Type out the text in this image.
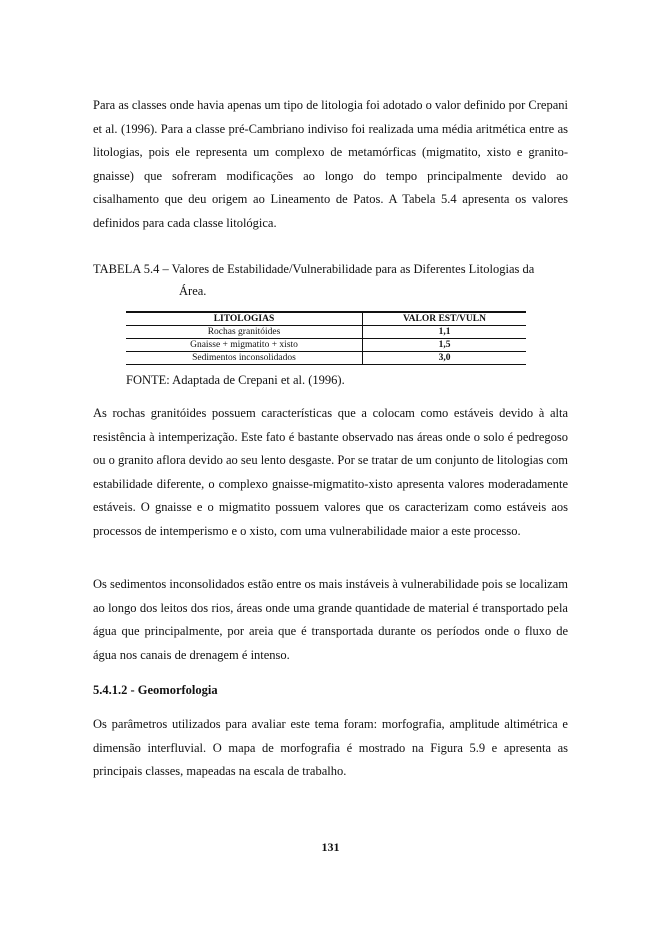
Para as classes onde havia apenas um tipo de litologia foi adotado o valor definido por Crepani et al. (1996). Para a classe pré-Cambriano indiviso foi realizada uma média aritmética entre as litologias, pois ele representa um complexo de metamórficas (migmatito, xisto e granito-gnaisse) que sofreram modificações ao longo do tempo principalmente devido ao cisalhamento que deu origem ao Lineamento de Patos. A Tabela 5.4 apresenta os valores definidos para cada classe litológica.

TABELA 5.4 – Valores de Estabilidade/Vulnerabilidade para as Diferentes Litologias da
Área.

LITOLOGIAS	VALOR EST/VULN
Rochas granitóides	1,1
Gnaisse + migmatito + xisto	1,5
Sedimentos inconsolidados	3,0

FONTE: Adaptada de Crepani et al. (1996).

As rochas granitóides possuem características que a colocam como estáveis devido à alta resistência à intemperização. Este fato é bastante observado nas áreas onde o solo é pedregoso ou o granito aflora devido ao seu lento desgaste. Por se tratar de um conjunto de litologias com estabilidade diferente, o complexo gnaisse-migmatito-xisto apresenta valores moderadamente estáveis. O gnaisse e o migmatito possuem valores que os caracterizam como estáveis aos processos de intemperismo e o xisto, com uma vulnerabilidade maior a este processo.

Os sedimentos inconsolidados estão entre os mais instáveis à vulnerabilidade pois se localizam ao longo dos leitos dos rios, áreas onde uma grande quantidade de material é transportado pela água que principalmente, por areia que é transportada durante os períodos onde o fluxo de água nos canais de drenagem é intenso.

5.4.1.2 - Geomorfologia

Os parâmetros utilizados para avaliar este tema foram: morfografia, amplitude altimétrica e dimensão interfluvial. O mapa de morfografia é mostrado na Figura 5.9 e apresenta as principais classes, mapeadas na escala de trabalho.

131
